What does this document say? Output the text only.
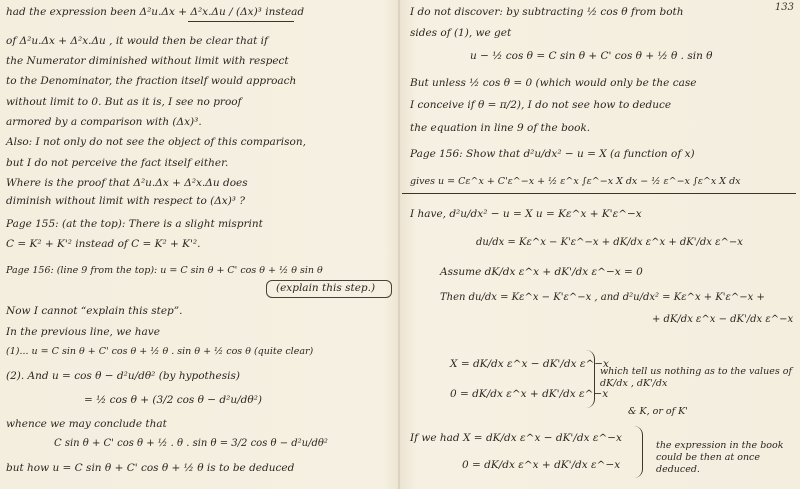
133
had the expression been Δ²u.Δx + Δ²x.Δu / (Δx)³ instead
of Δ²u.Δx + Δ²x.Δu , it would then be clear that if
the Numerator diminished without limit with respect
to the Denominator, the fraction itself would approach
without limit to 0. But as it is, I see no proof
armored by a comparison with (Δx)³.
Also: I not only do not see the object of this comparison,
but I do not perceive the fact itself either.
Where is the proof that Δ²u.Δx + Δ²x.Δu does
diminish without limit with respect to (Δx)³ ?
Page 155: (at the top): There is a slight misprint
C = K² + K'² instead of C = K² + K'².
Page 156: (line 9 from the top): u = C sin θ + C' cos θ + ½ θ sin θ
(explain this step.)
Now I cannot “explain this step”.
In the previous line, we have
(1)... u = C sin θ + C' cos θ + ½ θ . sin θ + ½ cos θ (quite clear)
(2). And u = cos θ − d²u/dθ² (by hypothesis)
= ½ cos θ + (3/2 cos θ − d²u/dθ²)
whence we may conclude that
C sin θ + C' cos θ + ½ . θ . sin θ = 3/2 cos θ − d²u/dθ²
but how u = C sin θ + C' cos θ + ½ θ is to be deduced
I do not discover: by subtracting ½ cos θ from both
sides of (1), we get
u − ½ cos θ = C sin θ + C' cos θ + ½ θ . sin θ
But unless ½ cos θ = 0 (which would only be the case
I conceive if θ = π/2), I do not see how to deduce
the equation in line 9 of the book.
Page 156: Show that d²u/dx² − u = X (a function of x)
gives u = Cε^x + C'ε^−x + ½ ε^x ∫ε^−x X dx − ½ ε^−x ∫ε^x X dx
I have, d²u/dx² − u = X u = Kε^x + K'ε^−x
du/dx = Kε^x − K'ε^−x + dK/dx ε^x + dK'/dx ε^−x
Assume dK/dx ε^x + dK'/dx ε^−x = 0
Then du/dx = Kε^x − K'ε^−x , and d²u/dx² = Kε^x + K'ε^−x +
+ dK/dx ε^x − dK'/dx ε^−x
X = dK/dx ε^x − dK'/dx ε^−x
0 = dK/dx ε^x + dK'/dx ε^−x
which tell us nothing as to the values of dK/dx , dK'/dx
& K, or of K'
If we had X = dK/dx ε^x − dK'/dx ε^−x
0 = dK/dx ε^x + dK'/dx ε^−x
the expression in the book could be then at once deduced.
